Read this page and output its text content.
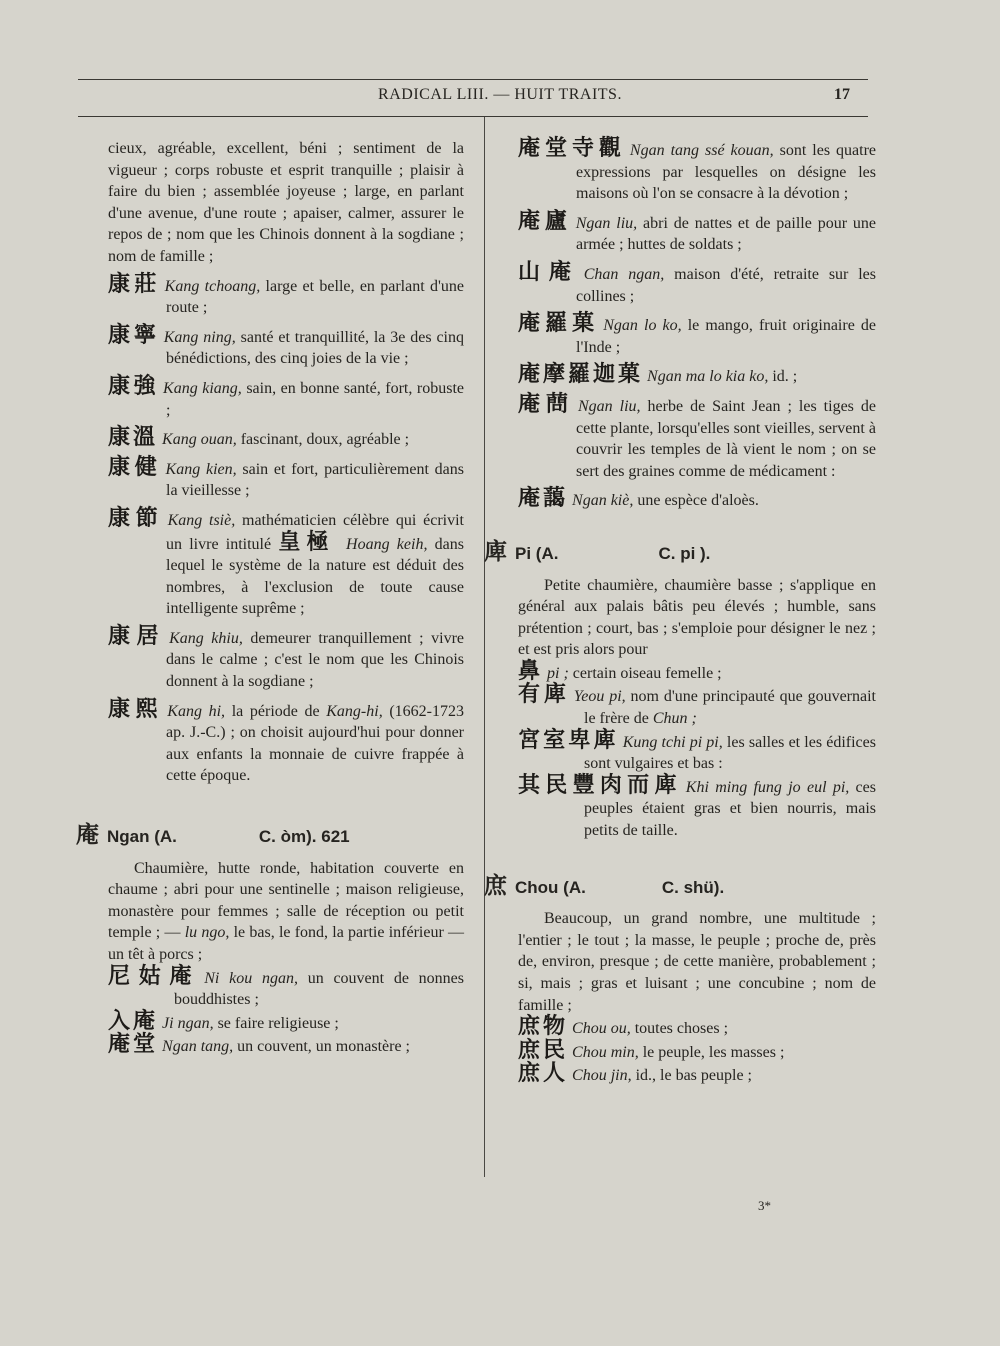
RADICAL LIII. — HUIT TRAITS.	17

cieux, agréable, excellent, béni ; sentiment de la vigueur ; corps robuste et esprit tranquille ; plaisir à faire du bien ; assemblée joyeuse ; large, en parlant d'une avenue, d'une route ; apaiser, calmer, assurer le repos de ; nom que les Chinois donnent à la sogdiane ; nom de famille ;

康莊 Kang tchoang, large et belle, en parlant d'une route ;

康寧 Kang ning, santé et tranquillité, la 3e des cinq bénédictions, des cinq joies de la vie ;

康強 Kang kiang, sain, en bonne santé, fort, robuste ;

康溫 Kang ouan, fascinant, doux, agréable ;

康健 Kang kien, sain et fort, particulièrement dans la vieillesse ;

康節 Kang tsiè, mathématicien célèbre qui écrivit un livre intitulé 皇極 Hoang keih, dans lequel le système de la nature est déduit des nombres, à l'exclusion de toute cause intelligente suprême ;

康居 Kang khiu, demeurer tranquillement ; vivre dans le calme ; c'est le nom que les Chinois donnent à la sogdiane ;

康熙 Kang hi, la période de Kang-hi, (1662-1723 ap. J.-C.) ; on choisit aujourd'hui pour donner aux enfants la monnaie de cuivre frappée à cette époque.

庵 Ngan
(A.	C. òm). 621

Chaumière, hutte ronde, habitation couverte en chaume ; abri pour une sentinelle ; maison religieuse, monastère pour femmes ; salle de réception ou petit temple ; — lu ngo, le bas, le fond, la partie inférieur — un têt à porcs ;

尼姑庵 Ni kou ngan, un couvent de nonnes bouddhistes ;

入庵 Ji ngan, se faire religieuse ;

庵堂 Ngan tang, un couvent, un monastère ;

庵堂寺觀 Ngan tang ssé kouan, sont les quatre expressions par lesquelles on désigne les maisons où l'on se consacre à la dévotion ;

庵廬 Ngan liu, abri de nattes et de paille pour une armée ; huttes de soldats ;

山庵 Chan ngan, maison d'été, retraite sur les collines ;

庵羅菓 Ngan lo ko, le mango, fruit originaire de l'Inde ;

庵摩羅迦菓 Ngan ma lo kia ko, id. ;

庵蔄 Ngan liu, herbe de Saint Jean ; les tiges de cette plante, lorsqu'elles sont vieilles, servent à couvrir les temples de là vient le nom ; on se sert des graines comme de médicament :

庵藹 Ngan kiè, une espèce d'aloès.

庳 Pi
(A.	C. pi ).

Petite chaumière, chaumière basse ; s'applique en général aux palais bâtis peu élevés ; humble, sans prétention ; court, bas ; s'emploie pour désigner le nez ; et est pris alors pour

鼻 pi ; certain oiseau femelle ;

有庳 Yeou pi, nom d'une principauté que gouvernait le frère de Chun ;

宮室卑庳 Kung tchi pi pi, les salles et les édifices sont vulgaires et bas :

其民豐肉而庳 Khi ming fung jo eul pi, ces peuples étaient gras et bien nourris, mais petits de taille.

庶 Chou
(A.	C. shü).

Beaucoup, un grand nombre, une multitude ; l'entier ; le tout ; la masse, le peuple ; proche de, près de, environ, presque ; de cette manière, probablement ; si, mais ; gras et luisant ; une concubine ; nom de famille ;

庶物 Chou ou, toutes choses ;

庶民 Chou min, le peuple, les masses ;

庶人 Chou jin, id., le bas peuple ;

3*
